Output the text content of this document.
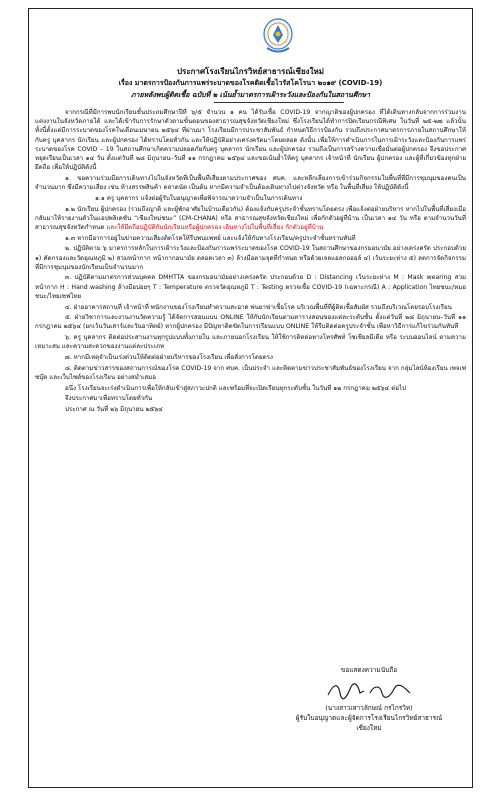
ประกาศโรงเรียนไกรวิทย์สาธารณ์เชียงใหม่
เรื่อง มาตรการป้องกันการแพร่ระบาดของโรคติดเชื้อไวรัสโคโรนา ๒๐๑๙ (COVID-19)
ภายหลังพบผู้ติดเชื้อ ฉบับที่ ๒ เน้นย้ำมาตรการเฝ้าระวังและป้องกันในสถานศึกษา

จากกรณีที่มีการพบนักเรียนชั้นประถมศึกษาปีที่ ๖/๕ จำนวน ๑ คน ได้รับเชื้อ COVID-19 จากญาติของผู้ปกครอง ที่ได้เดินทางกลับจากการร่วมงานแต่งงานในจังหวัดภายใต้ และได้เข้ารับการรักษาตัวตามขั้นตอนของสาธารณสุขจังหวัดเชียงใหม่ ซึ่งโรงเรียนได้ทำการปิดเรียนกรณีพิเศษ ในวันที่ ๒๕-๒๗ แล้วนั้น ทั้งนี้ตั้งแต่มีการระบาดของโรคในเดือนเมษายน ๒๕๖๔ ที่ผ่านมา โรงเรียนมีการประชาสัมพันธ์ กำหนดวิธีการป้องกัน รวมถึงประกาศมาตรการภายในสถานศึกษาให้กับครู บุคลากร นักเรียน และผู้ปกครอง ได้ทราบโดยทั่วกัน และให้ปฏิบัติอย่างเคร่งครัดมาโดยตลอด ดังนั้น เพื่อให้การดำเนินการในการเฝ้าระวังและป้องกันการแพร่ระบาดของโรค COVID – 19 ในสถานศึกษาเกิดความปลอดภัยกับครู บุคลากร นักเรียน และผู้ปกครอง รวมถึงเป็นการสร้างความเชื่อมั่นต่อผู้ปกครอง จึงขอประกาศหยุดเรียนเป็นเวลา ๑๔ วัน ตั้งแต่วันที่ ๒๘ มิถุนายน–วันที่ ๑๑ กรกฎาคม ๒๕๖๔ และขอเน้นย้ำให้ครู บุคลากร เจ้าหน้าที่ นักเรียน ผู้ปกครอง และผู้ที่เกี่ยวข้องทุกฝ่ายยึดถือ เพื่อให้ปฏิบัติดังนี้

๑. ขอความร่วมมือการเดินทางไปในจังหวัดที่เป็นพื้นที่เสี่ยงตามประกาศของ ศบค. และหลีกเลี่ยงการเข้าร่วมกิจกรรมในพื้นที่ที่มีการชุมนุมของคนเป็นจำนวนมาก ซึ่งมีความเสี่ยง เช่น ห้างสรรพสินค้า ตลาดนัด เป็นต้น หากมีความจำเป็นต้องเดินทางไปต่างจังหวัด หรือ ในพื้นที่เสี่ยง ให้ปฏิบัติดังนี้

๑.๑ ครู บุคลากร แจ้งต่อผู้รับใบอนุญาตเพื่อพิจารณาความจำเป็นในการเดินทาง

๑.๒ นักเรียน ผู้ปกครอง (รวมถึงญาติ และผู้พักอาศัยในบ้านเดียวกัน) ต้องแจ้งกับครูประจำชั้นทราบโดยตรง เพื่อแจ้งต่อฝ่ายบริหาร หากไปในพื้นที่เสี่ยงเมื่อกลับมาให้รายงานตัวในแอปพลิเคชัน “เชียงใหม่ชนะ” (CM-CHANA) หรือ สาธารณสุขจังหวัดเชียงใหม่ เพื่อกักตัวอยู่ที่บ้าน เป็นเวลา ๑๔ วัน หรือ ตามจำนวนวันที่สาธารณสุขจังหวัดกำหนด และให้ยึดถือปฏิบัติกับนักเรียนหรือผู้ปกครอง เดินทางไปในพื้นที่เสี่ยง กักตัวอยู่ที่บ้าน

๑.๓ หากมีอาการอยู่ในข่ายความเสี่ยงติดโรคให้รีบพบแพทย์ และแจ้งให้กับทางโรงเรียน/ครูประจำชั้นทราบทันที

๒. ปฏิบัติตาม ๖ มาตรการหลักในการเฝ้าระวังและป้องกันการแพร่ระบาดของโรค COVID-19 ในสถานศึกษาของกรมอนามัย อย่างเคร่งครัด ประกอบด้วย ๑) คัดกรองและวัดอุณหภูมิ ๒) สวมหน้ากาก หน้ากากอนามัย ตลอดเวลา ๓) ล้างมือตามจุดที่กำหนด หรือด้วยเจลแอลกอฮอล์ ๔) เว้นระยะห่าง ๕) ลดการจัดกิจกรรมที่มีการชุมนุมของนักเรียนเป็นจำนวนมาก

๓. ปฏิบัติตามมาตรการส่วนบุคคล DMHTTA ของกรมอนามัยอย่างเคร่งครัด ประกอบด้วย D : Distancing เว้นระยะห่าง M : Mask wearing สวมหน้ากาก H : Hand washing ล้างมือบ่อยๆ T : Temperature ตรวจวัดอุณหภูมิ T : Testing ตรวจเชื้อ COVID-19 (เฉพาะกรณี) A : Application ไทยชนะ/หมอชนะ/ไทยเซฟไทย

๔. ฝ่ายอาคารสถานที่ เจ้าหน้าที่ พนักงานของโรงเรียนทำความสะอาด พ่นยาฆ่าเชื้อโรค บริเวณพื้นที่ที่ผู้ติดเชื้อสัมผัส รวมถึงบริเวณโดยรอบโรงเรียน

๕. ฝ่ายวิชาการและงานงานวัดความรู้ ได้จัดการสอนแบบ ONLINE ให้กับนักเรียนตามตารางสอนของแต่ละระดับชั้น ตั้งแต่วันที่ ๒๘ มิถุนายน–วันที่ ๑๑ กรกฎาคม ๒๕๖๔ (ยกเว้นวันเสาร์และวันอาทิตย์) หากผู้ปกครอง มีปัญหาติดขัดในการเรียนแบบ ONLINE ให้รีบติดต่อครูประจำชั้น เพื่อหาวิธีการแก้ไขร่วมกันทันที

๖. ครู บุคลากร ติดต่อประสานงานทุกรูปแบบทั้งภายใน และภายนอกโรงเรียน ให้ใช้การติดต่อทางโทรศัพท์ โซเชียลมีเดีย หรือ ระบบออนไลน์ ตามความเหมาะสม และความสะดวกของงานแต่ละประเภท

๗. หากมีเหตุจำเป็นเร่งด่วนให้ติดต่อฝ่ายบริหารของโรงเรียน เพื่อสั่งการโดยตรง

๘. ติดตามข่าวสารของสถานการณ์ของโรค COVID-19 จาก ศบค. เป็นประจำ และติดตามข่าวประชาสัมพันธ์ของโรงเรียน จาก กลุ่มไลน์ห้องเรียน เพจเฟซบุ๊ค และเว็บไซต์ของโรงเรียน อย่างสม่ำเสมอ

อนึ่ง โรงเรียนจะเร่งดำเนินการเพื่อให้กลับเข้าสู่สภาวะปกติ และพร้อมที่จะเปิดเรียนทุกระดับชั้น ในวันที่ ๑๒ กรกฎาคม ๒๕๖๔ ต่อไป

จึงประกาศมาเพื่อทราบโดยทั่วกัน

ประกาศ ณ วันที่ ๒๖ มิถุนายน ๒๕๖๔

ขอแสดงความนับถือ
(นางสาวเสาวลักษณ์ กรไกรวิท)
ผู้รับใบอนุญาตและผู้จัดการโรงเรียนไกรวิทย์สาธารณ์เชียงใหม่
